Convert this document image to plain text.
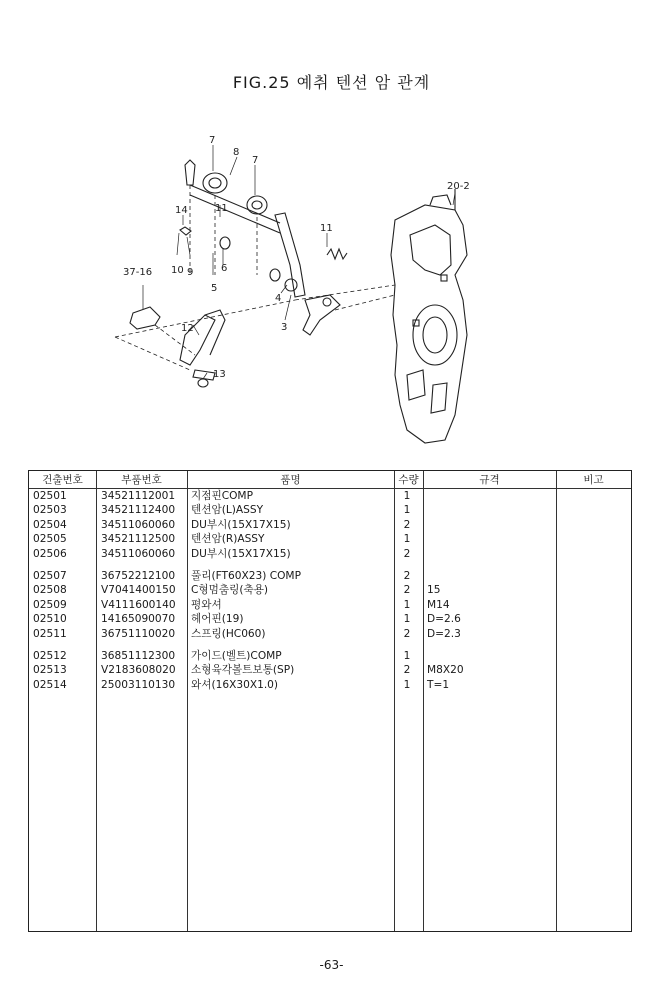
FIG.25 예취 텐션 암 관계
7
8
7
11
14
11
10 9	6
5
37-16
4
3
12
13
20-2
건출번호	부품번호	품명	수량	규격	비고
02501	34521112001	지점핀COMP	1
02503	34521112400	텐션암(L)ASSY	1
02504	34511060060	DU부시(15X17X15)	2
02505	34521112500	텐션암(R)ASSY	1
02506	34511060060	DU부시(15X17X15)	2
02507	36752212100	풀리(FT60X23) COMP	2
02508	V7041400150	C형멈춤링(축용)	2	15
02509	V4111600140	평와셔	1	M14
02510	14165090070	헤어핀(19)	1	D=2.6
02511	36751110020	스프링(HC060)	2	D=2.3
02512	36851112300	가이드(벨트)COMP	1
02513	V2183608020	소형육각볼트보통(SP)	2	M8X20
02514	25003110130	와셔(16X30X1.0)	1	T=1
-63-
